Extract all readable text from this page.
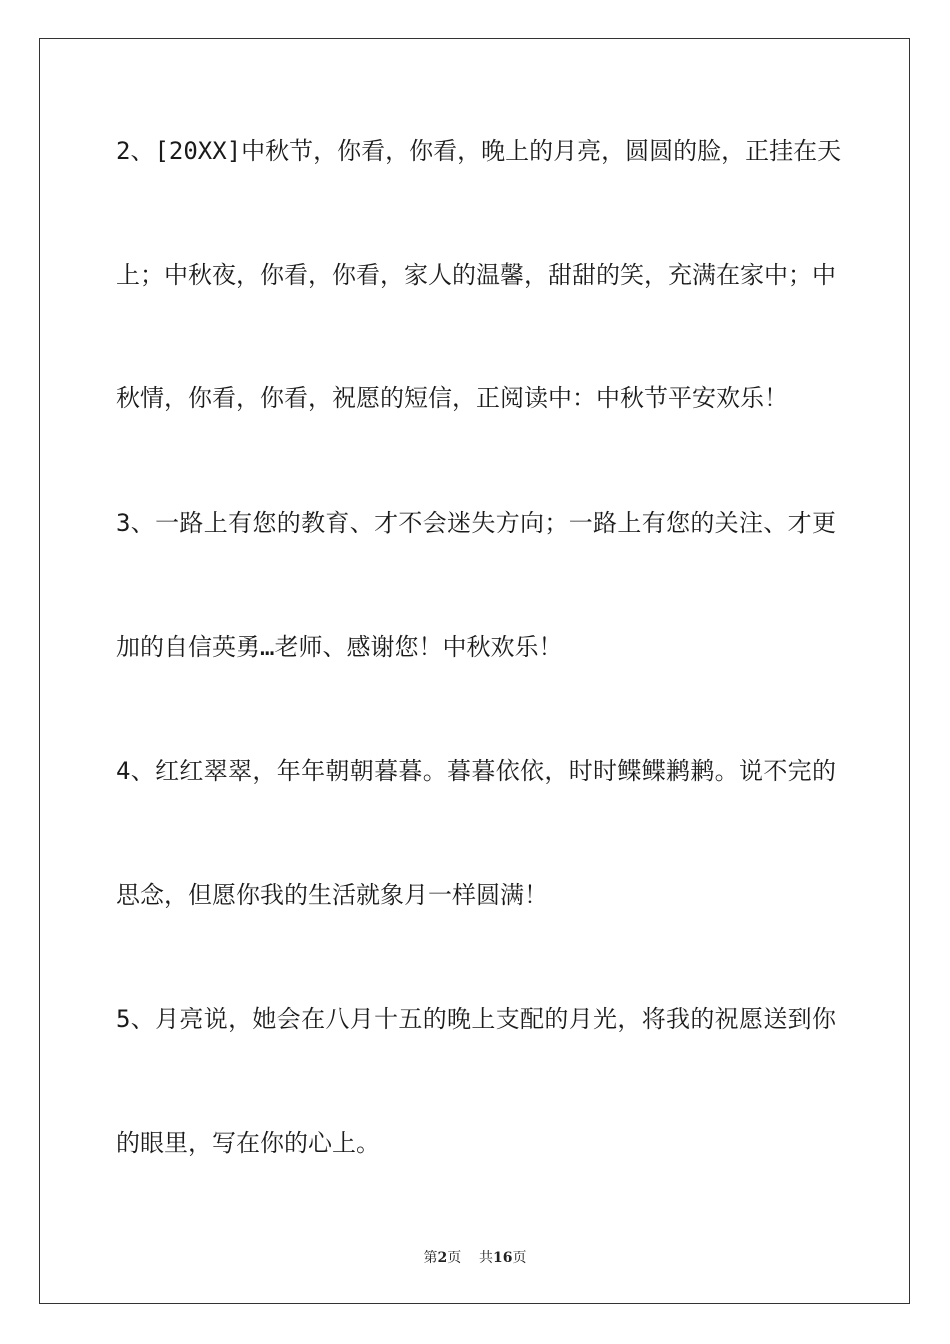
2、[20XX]中秋节，你看，你看，晚上的月亮，圆圆的脸，正挂在天
上；中秋夜，你看，你看，家人的温馨，甜甜的笑，充满在家中；中
秋情，你看，你看，祝愿的短信，正阅读中：中秋节平安欢乐！
3、一路上有您的教育、才不会迷失方向；一路上有您的关注、才更
加的自信英勇…老师、感谢您！中秋欢乐！
4、红红翠翠，年年朝朝暮暮。暮暮依依，时时鲽鲽鹣鹣。说不完的
思念，但愿你我的生活就象月一样圆满！
5、月亮说，她会在八月十五的晚上支配的月光，将我的祝愿送到你
的眼里，写在你的心上。
第2页 共16页
